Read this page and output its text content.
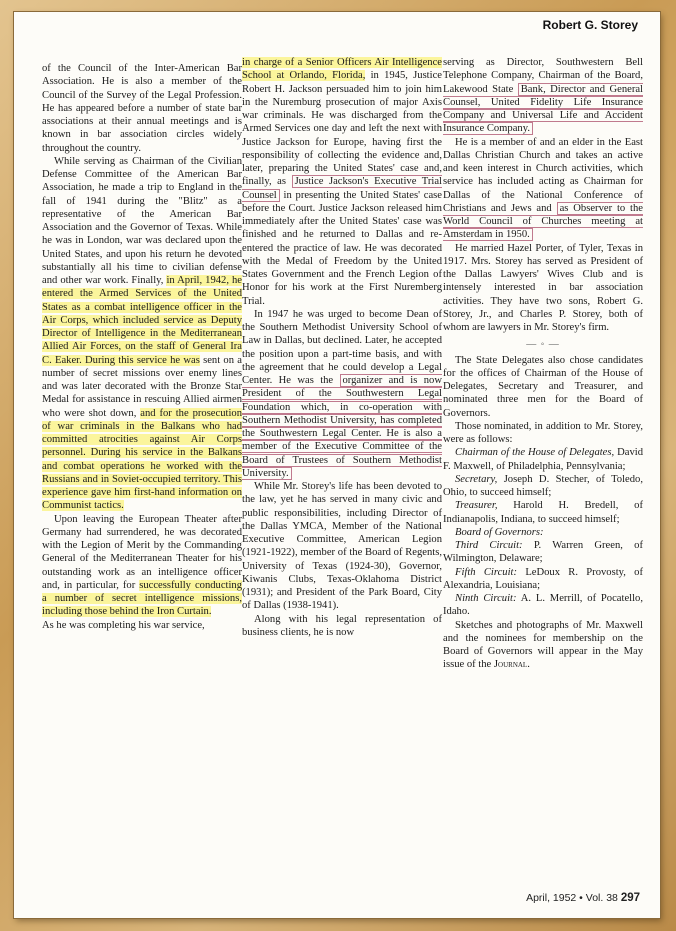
Robert G. Storey

of the Council of the Inter-American Bar Association. He is also a member of the Council of the Survey of the Legal Profession. He has appeared before a number of state bar associations at their annual meetings and is known in bar association circles widely throughout the country.

While serving as Chairman of the Civilian Defense Committee of the American Bar Association, he made a trip to England in the fall of 1941 during the "Blitz" as a representative of the American Bar Association and the Governor of Texas. While he was in London, war was declared upon the United States, and upon his return he devoted substantially all his time to civilian defense and other war work. Finally, in April, 1942, he entered the Armed Services of the United States as a combat intelligence officer in the Air Corps, which included service as Deputy Director of Intelligence in the Mediterranean Allied Air Forces, on the staff of General Ira C. Eaker. During this service he was sent on a number of secret missions over enemy lines and was later decorated with the Bronze Star Medal for assistance in rescuing Allied airmen who were shot down, and for the prosecution of war criminals in the Balkans who had committed atrocities against Air Corps personnel. During his service in the Balkans and combat operations he worked with the Russians and in Soviet-occupied territory. This experience gave him first-hand information on Communist tactics.

Upon leaving the European Theater after Germany had surrendered, he was decorated with the Legion of Merit by the Commanding General of the Mediterranean Theater for his outstanding work as an intelligence officer and, in particular, for successfully conducting a number of secret intelligence missions, including those behind the Iron Curtain.

As he was completing his war service,

in charge of a Senior Officers Air Intelligence School at Orlando, Florida, in 1945, Justice Robert H. Jackson persuaded him to join him in the Nuremburg prosecution of major Axis war criminals. He was discharged from the Armed Services one day and left the next with Justice Jackson for Europe, having first the responsibility of collecting the evidence and, later, preparing the United States' case and, finally, as Justice Jackson's Executive Trial Counsel in presenting the United States' case before the Court. Justice Jackson released him immediately after the United States' case was finished and he returned to Dallas and re-entered the practice of law. He was decorated with the Medal of Freedom by the United States Government and the French Legion of Honor for his work at the First Nuremberg Trial.

In 1947 he was urged to become Dean of the Southern Methodist University School of Law in Dallas, but declined. Later, he accepted the position upon a part-time basis, and with the agreement that he could develop a Legal Center. He was the organizer and is now President of the Southwestern Legal Foundation which, in co-operation with Southern Methodist University, has completed the Southwestern Legal Center. He is also a member of the Executive Committee of the Board of Trustees of Southern Methodist University.

While Mr. Storey's life has been devoted to the law, yet he has served in many civic and public responsibilities, including Director of the Dallas YMCA, Member of the National Executive Committee, American Legion (1921-1922), member of the Board of Regents, University of Texas (1924-30), Governor, Kiwanis Clubs, Texas-Oklahoma District (1931); and President of the Park Board, City of Dallas (1938-1941).

Along with his legal representation of business clients, he is now

serving as Director, Southwestern Bell Telephone Company, Chairman of the Board, Lakewood State Bank, Director and General Counsel, United Fidelity Life Insurance Company and Universal Life and Accident Insurance Company.

He is a member of and an elder in the East Dallas Christian Church and takes an active and keen interest in Church activities, which service has included acting as Chairman for Dallas of the National Conference of Christians and Jews and as Observer to the World Council of Churches meeting at Amsterdam in 1950.

He married Hazel Porter, of Tyler, Texas in 1917. Mrs. Storey has served as President of the Dallas Lawyers' Wives Club and is intensely interested in bar association activities. They have two sons, Robert G. Storey, Jr., and Charles P. Storey, both of whom are lawyers in Mr. Storey's firm.

— ◦ —

The State Delegates also chose candidates for the offices of Chairman of the House of Delegates, Secretary and Treasurer, and nominated three men for the Board of Governors.

Those nominated, in addition to Mr. Storey, were as follows:

Chairman of the House of Delegates, David F. Maxwell, of Philadelphia, Pennsylvania;

Secretary, Joseph D. Stecher, of Toledo, Ohio, to succeed himself;

Treasurer, Harold H. Bredell, of Indianapolis, Indiana, to succeed himself;

Board of Governors:

Third Circuit: P. Warren Green, of Wilmington, Delaware;

Fifth Circuit: LeDoux R. Provosty, of Alexandria, Louisiana;

Ninth Circuit: A. L. Merrill, of Pocatello, Idaho.

Sketches and photographs of Mr. Maxwell and the nominees for membership on the Board of Governors will appear in the May issue of the Journal.

April, 1952 • Vol. 38 297
